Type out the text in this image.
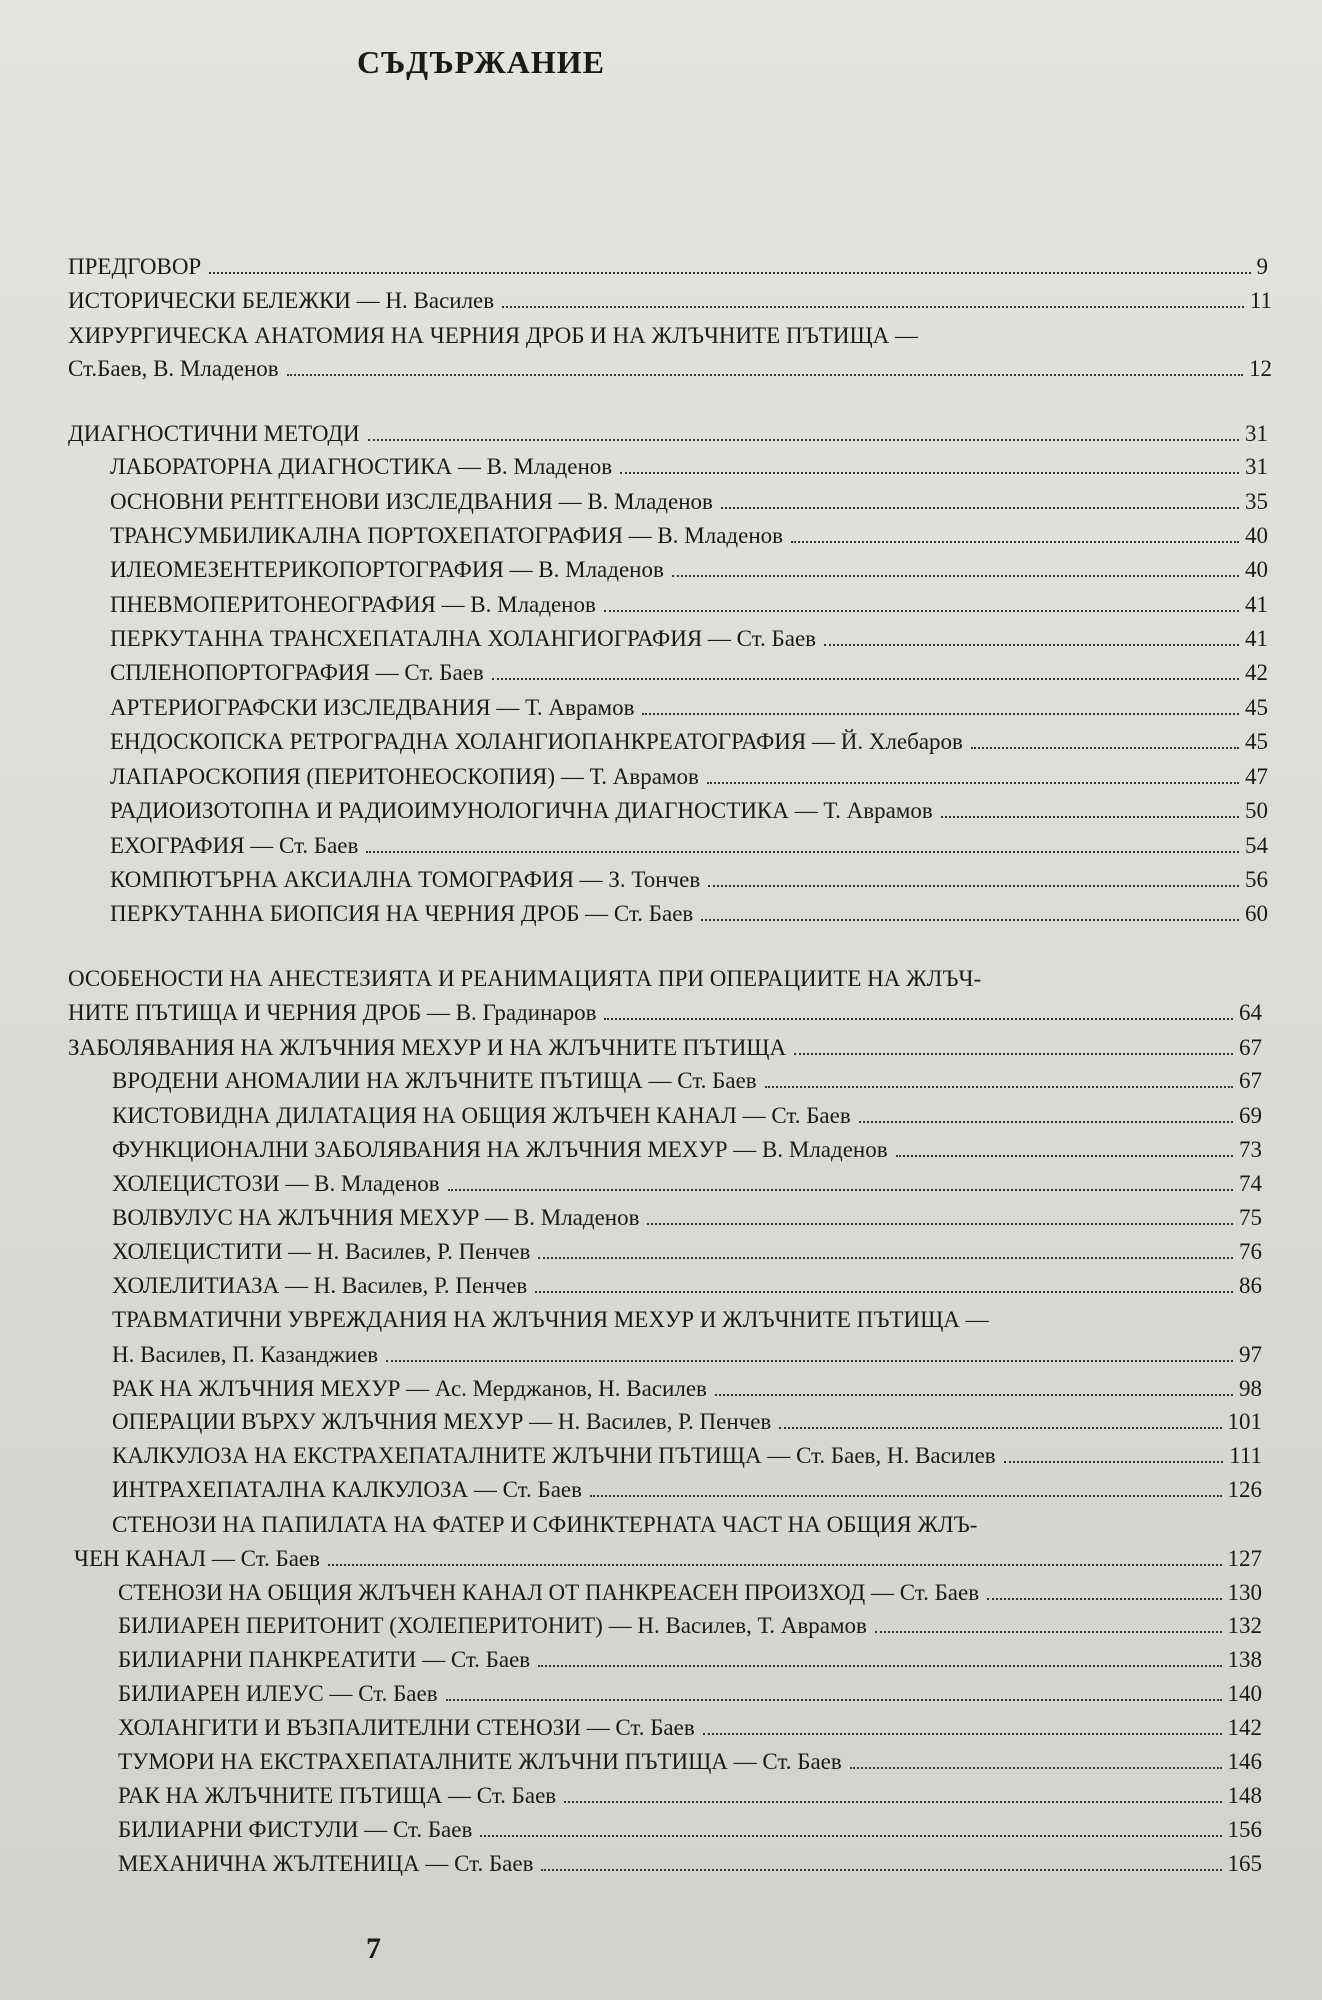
СЪДЪРЖАНИЕ
ПРЕДГОВОР	9
ИСТОРИЧЕСКИ БЕЛЕЖКИ — Н. Василев	11
ХИРУРГИЧЕСКА АНАТОМИЯ НА ЧЕРНИЯ ДРОБ И НА ЖЛЪЧНИТЕ ПЪТИЩА —
Ст.Баев, В. Младенов	12
ДИАГНОСТИЧНИ МЕТОДИ	31
ЛАБОРАТОРНА ДИАГНОСТИКА — В. Младенов	31
ОСНОВНИ РЕНТГЕНОВИ ИЗСЛЕДВАНИЯ — В. Младенов	35
ТРАНСУМБИЛИКАЛНА ПОРТОХЕПАТОГРАФИЯ — В. Младенов	40
ИЛЕОМЕЗЕНТЕРИКОПОРТОГРАФИЯ — В. Младенов	40
ПНЕВМОПЕРИТОНЕОГРАФИЯ — В. Младенов	41
ПЕРКУТАННА ТРАНСХЕПАТАЛНА ХОЛАНГИОГРАФИЯ — Ст. Баев	41
СПЛЕНОПОРТОГРАФИЯ — Ст. Баев	42
АРТЕРИОГРАФСКИ ИЗСЛЕДВАНИЯ — Т. Аврамов	45
ЕНДОСКОПСКА РЕТРОГРАДНА ХОЛАНГИОПАНКРЕАТОГРАФИЯ — Й. Хлебаров	45
ЛАПАРОСКОПИЯ (ПЕРИТОНЕОСКОПИЯ) — Т. Аврамов	47
РАДИОИЗОТОПНА И РАДИОИМУНОЛОГИЧНА ДИАГНОСТИКА — Т. Аврамов	50
ЕХОГРАФИЯ — Ст. Баев	54
КОМПЮТЪРНА АКСИАЛНА ТОМОГРАФИЯ — З. Тончев	56
ПЕРКУТАННА БИОПСИЯ НА ЧЕРНИЯ ДРОБ — Ст. Баев	60
ОСОБЕНОСТИ НА АНЕСТЕЗИЯТА И РЕАНИМАЦИЯТА ПРИ ОПЕРАЦИИТЕ НА ЖЛЪЧ-
НИТЕ ПЪТИЩА И ЧЕРНИЯ ДРОБ — В. Градинаров	64
ЗАБОЛЯВАНИЯ НА ЖЛЪЧНИЯ МЕХУР И НА ЖЛЪЧНИТЕ ПЪТИЩА	67
ВРОДЕНИ АНОМАЛИИ НА ЖЛЪЧНИТЕ ПЪТИЩА — Ст. Баев	67
КИСТОВИДНА ДИЛАТАЦИЯ НА ОБЩИЯ ЖЛЪЧЕН КАНАЛ — Ст. Баев	69
ФУНКЦИОНАЛНИ ЗАБОЛЯВАНИЯ НА ЖЛЪЧНИЯ МЕХУР — В. Младенов	73
ХОЛЕЦИСТОЗИ — В. Младенов	74
ВОЛВУЛУС НА ЖЛЪЧНИЯ МЕХУР — В. Младенов	75
ХОЛЕЦИСТИТИ — Н. Василев, Р. Пенчев	76
ХОЛЕЛИТИАЗА — Н. Василев, Р. Пенчев	86
ТРАВМАТИЧНИ УВРЕЖДАНИЯ НА ЖЛЪЧНИЯ МЕХУР И ЖЛЪЧНИТЕ ПЪТИЩА —
Н. Василев, П. Казанджиев	97
РАК НА ЖЛЪЧНИЯ МЕХУР — Ас. Мерджанов, Н. Василев	98
ОПЕРАЦИИ ВЪРХУ ЖЛЪЧНИЯ МЕХУР — Н. Василев, Р. Пенчев	101
КАЛКУЛОЗА НА ЕКСТРАХЕПАТАЛНИТЕ ЖЛЪЧНИ ПЪТИЩА — Ст. Баев, Н. Василев	111
ИНТРАХЕПАТАЛНА КАЛКУЛОЗА — Ст. Баев	126
СТЕНОЗИ НА ПАПИЛАТА НА ФАТЕР И СФИНКТЕРНАТА ЧАСТ НА ОБЩИЯ ЖЛЪ-
ЧЕН КАНАЛ — Ст. Баев	127
СТЕНОЗИ НА ОБЩИЯ ЖЛЪЧЕН КАНАЛ ОТ ПАНКРЕАСЕН ПРОИЗХОД — Ст. Баев	130
БИЛИАРЕН ПЕРИТОНИТ (ХОЛЕПЕРИТОНИТ) — Н. Василев, Т. Аврамов	132
БИЛИАРНИ ПАНКРЕАТИТИ — Ст. Баев	138
БИЛИАРЕН ИЛЕУС — Ст. Баев	140
ХОЛАНГИТИ И ВЪЗПАЛИТЕЛНИ СТЕНОЗИ — Ст. Баев	142
ТУМОРИ НА ЕКСТРАХЕПАТАЛНИТЕ ЖЛЪЧНИ ПЪТИЩА — Ст. Баев	146
РАК НА ЖЛЪЧНИТЕ ПЪТИЩА — Ст. Баев	148
БИЛИАРНИ ФИСТУЛИ — Ст. Баев	156
МЕХАНИЧНА ЖЪЛТЕНИЦА — Ст. Баев	165
7
